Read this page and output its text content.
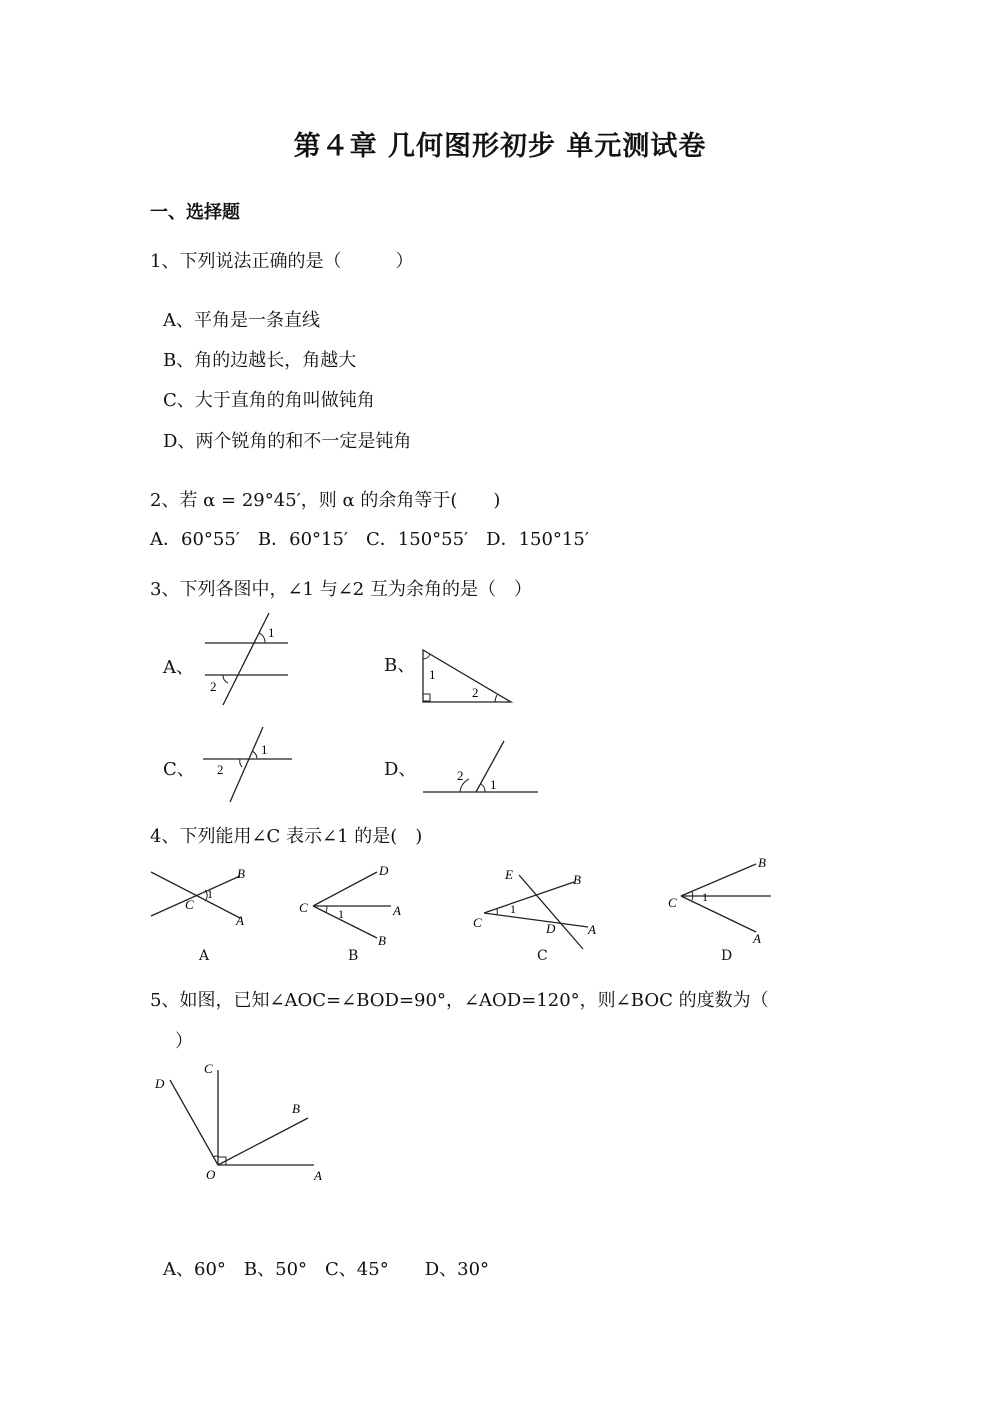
第４章 几何图形初步 单元测试卷
一、选择题
1、下列说法正确的是（　　　）
A、平角是一条直线
B、角的边越长，角越大
C、大于直角的角叫做钝角
D、两个锐角的和不一定是钝角
2、若 α = 29°45′，则 α 的余角等于(　　)
A．60°55′　B．60°15′　C．150°55′　D．150°15′
3、下列各图中，∠1 与∠2 互为余角的是（　）
A、	B、
C、	D、
1
2
1
2
1
2
1
2
4、下列能用∠C 表示∠1 的是(　)
B
C
A
1
A
D
C	A
B
1
B
E	B
C	D	A
1
C
B
C
A
1
D
5、如图，已知∠AOC=∠BOD=90°，∠AOD=120°，则∠BOC 的度数为（
）
D
C
B
O	A
A、60°　B、50°　C、45°　　D、30°
